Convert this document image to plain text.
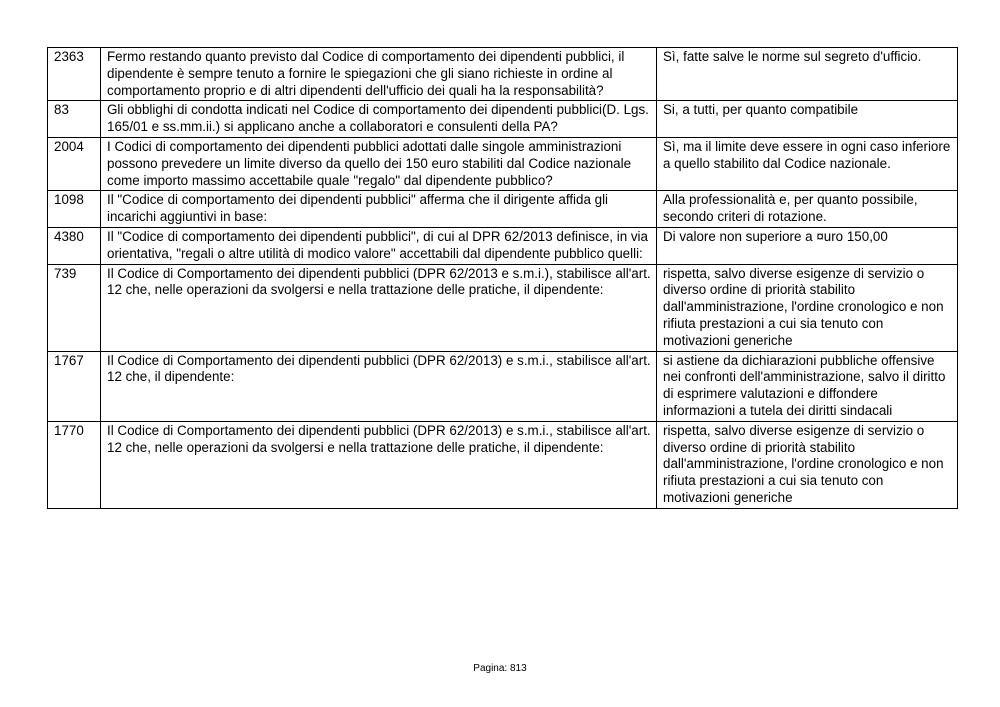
2363	Fermo restando quanto previsto dal Codice di comportamento dei dipendenti pubblici, il dipendente è sempre tenuto a fornire le spiegazioni che gli siano richieste in ordine al comportamento proprio e di altri dipendenti dell'ufficio dei quali ha la responsabilità?	Sì, fatte salve le norme sul segreto d'ufficio.
83	Gli obblighi di condotta indicati nel Codice di comportamento dei dipendenti pubblici(D. Lgs. 165/01 e ss.mm.ii.) si applicano anche a collaboratori e consulenti della PA?	Si, a tutti, per quanto compatibile
2004	I Codici di comportamento dei dipendenti pubblici adottati dalle singole amministrazioni possono prevedere un limite diverso da quello dei 150 euro stabiliti dal Codice nazionale come importo massimo accettabile quale "regalo" dal dipendente pubblico?	Sì, ma il limite deve essere in ogni caso inferiore a quello stabilito dal Codice nazionale.
1098	Il "Codice di comportamento dei dipendenti pubblici" afferma che il dirigente affida gli incarichi aggiuntivi in base:	Alla professionalità e, per quanto possibile, secondo criteri di rotazione.
4380	Il "Codice di comportamento dei dipendenti pubblici", di cui al DPR 62/2013 definisce, in via orientativa, "regali o altre utilità di modico valore" accettabili dal dipendente pubblico quelli:	Di valore non superiore a ¤uro 150,00
739	Il Codice di Comportamento dei dipendenti pubblici (DPR 62/2013 e s.m.i.), stabilisce all'art. 12 che, nelle operazioni da svolgersi e nella trattazione delle pratiche, il dipendente:	rispetta, salvo diverse esigenze di servizio o diverso ordine di priorità stabilito dall'amministrazione, l'ordine cronologico e non rifiuta prestazioni a cui sia tenuto con motivazioni generiche
1767	Il Codice di Comportamento dei dipendenti pubblici (DPR 62/2013) e s.m.i., stabilisce all'art. 12 che, il dipendente:	si astiene da dichiarazioni pubbliche offensive nei confronti dell'amministrazione, salvo il diritto di esprimere valutazioni e diffondere informazioni a tutela dei diritti sindacali
1770	Il Codice di Comportamento dei dipendenti pubblici (DPR 62/2013) e s.m.i., stabilisce all'art. 12 che, nelle operazioni da svolgersi e nella trattazione delle pratiche, il dipendente:	rispetta, salvo diverse esigenze di servizio o diverso ordine di priorità stabilito dall'amministrazione, l'ordine cronologico e non rifiuta prestazioni a cui sia tenuto con motivazioni generiche
Pagina: 813
